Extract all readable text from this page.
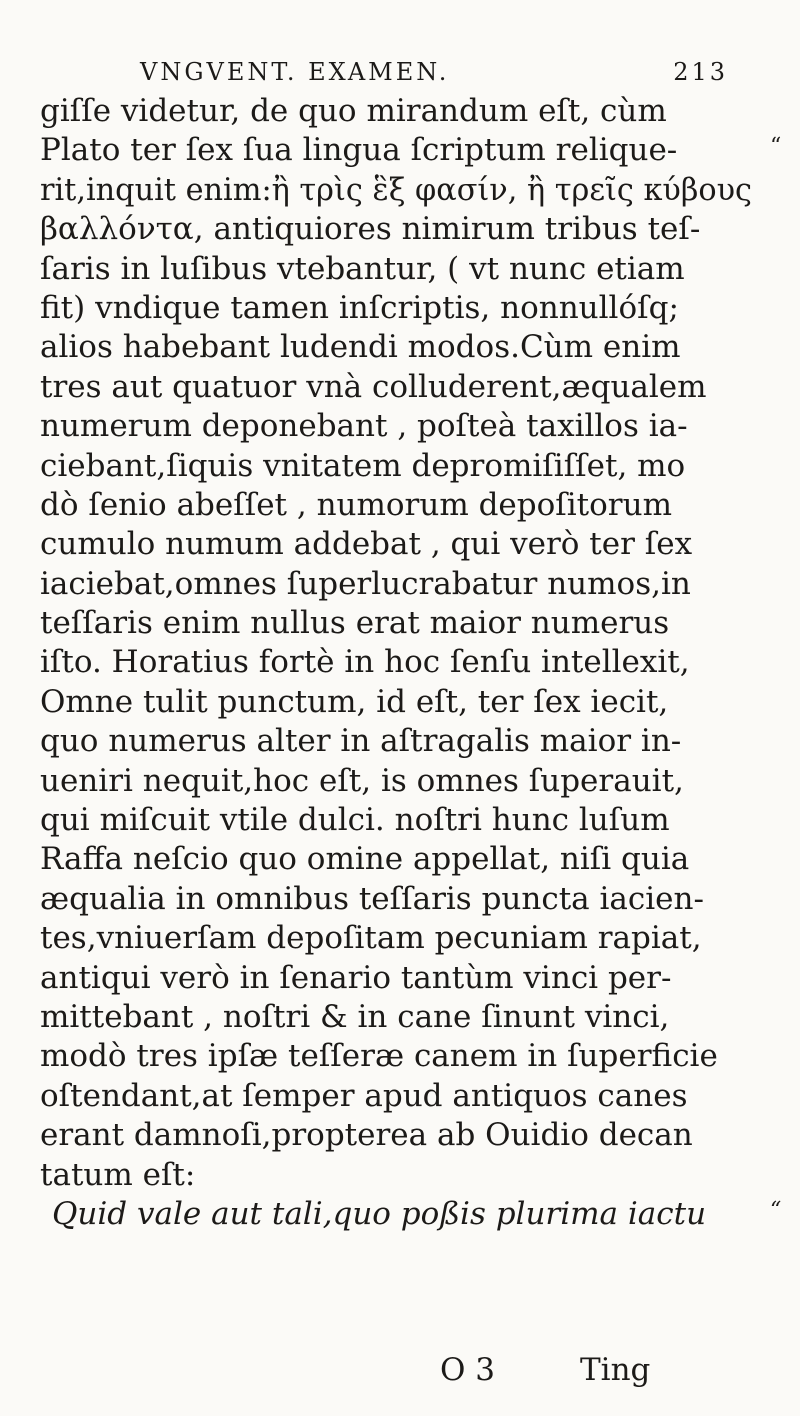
VNGVENT. EXAMEN.	213
giſſe videtur, de quo mirandum eſt, cùm
Plato ter ſex ſua lingua ſcriptum relique-	“
rit,inquit enim:ἢ τρὶς ἓξ φασίν, ἢ τρεῖς κύβους
βαλλόντα, antiquiores nimirum tribus teſ-
ſaris in luſibus vtebantur, ( vt nunc etiam
fit) vndique tamen inſcriptis, nonnullóſq;
alios habebant ludendi modos.Cùm enim
tres aut quatuor vnà colluderent,æqualem
numerum deponebant , poſteà taxillos ia-
ciebant,ſiquis vnitatem depromiſiſſet, mo
dò ſenio abeſſet , numorum depoſitorum
cumulo numum addebat , qui verò ter ſex
iaciebat,omnes ſuperlucrabatur numos,in
teſſaris enim nullus erat maior numerus
iſto. Horatius fortè in hoc ſenſu intellexit,
Omne tulit punctum, id eſt, ter ſex iecit,
quo numerus alter in aſtragalis maior in-
ueniri nequit,hoc eſt, is omnes ſuperauit,
qui miſcuit vtile dulci. noſtri hunc luſum
Raffa neſcio quo omine appellat, niſi quia
æqualia in omnibus teſſaris puncta iacien-
tes,vniuerſam depoſitam pecuniam rapiat,
antiqui verò in ſenario tantùm vinci per-
mittebant , noſtri & in cane ſinunt vinci,
modò tres ipſæ teſſeræ canem in ſuperficie
oſtendant,at ſemper apud antiquos canes
erant damnoſi,propterea ab Ouidio decan
tatum eſt:
Quid vale aut tali,quo poßis plurima iactu	“
O 3	Ting
